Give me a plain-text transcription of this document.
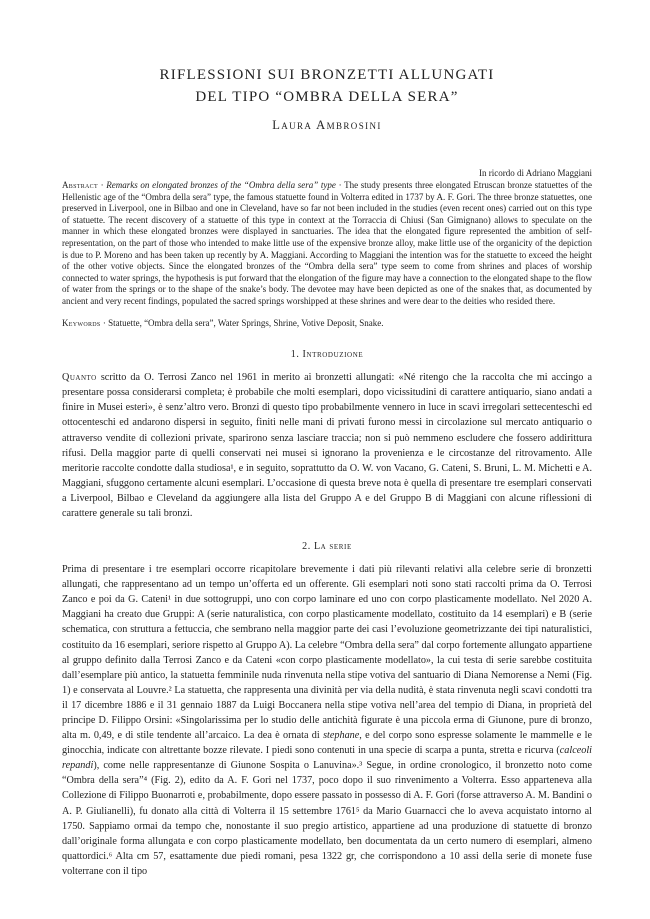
RIFLESSIONI SUI BRONZETTI ALLUNGATI
DEL TIPO “OMBRA DELLA SERA”
Laura Ambrosini
In ricordo di Adriano Maggiani
Abstract · Remarks on elongated bronzes of the “Ombra della sera” type · The study presents three elongated Etruscan bronze statuettes of the Hellenistic age of the “Ombra della sera” type, the famous statuette found in Volterra edited in 1737 by A. F. Gori. The three bronze statuettes, one preserved in Liverpool, one in Bilbao and one in Cleveland, have so far not been included in the studies (even recent ones) carried out on this type of statuette. The recent discovery of a statuette of this type in context at the Torraccia di Chiusi (San Gimignano) allows to speculate on the manner in which these elongated bronzes were displayed in sanctuaries. The idea that the elongated figure represented the ambition of self-representation, on the part of those who intended to make little use of the expensive bronze alloy, make little use of the organicity of the depiction is due to P. Moreno and has been taken up recently by A. Maggiani. According to Maggiani the intention was for the statuette to exceed the height of the other votive objects. Since the elongated bronzes of the “Ombra della sera” type seem to come from shrines and places of worship connected to water springs, the hypothesis is put forward that the elongation of the figure may have a connection to the elongated shape to the flow of water from the springs or to the shape of the snake’s body. The devotee may have been depicted as one of the snakes that, as documented by ancient and very recent findings, populated the sacred springs worshipped at these shrines and were dear to the deities who resided there.
Keywords · Statuette, “Ombra della sera”, Water Springs, Shrine, Votive Deposit, Snake.
1. Introduzione
Quanto scritto da O. Terrosi Zanco nel 1961 in merito ai bronzetti allungati: «Né ritengo che la raccolta che mi accingo a presentare possa considerarsi completa; è probabile che molti esemplari, dopo vicissitudini di carattere antiquario, siano andati a finire in Musei esteri», è senz’altro vero. Bronzi di questo tipo probabilmente vennero in luce in scavi irregolari settecenteschi ed ottocenteschi ed andarono dispersi in seguito, finiti nelle mani di privati furono messi in circolazione sul mercato antiquario o attraverso vendite di collezioni private, sparirono senza lasciare traccia; non si può nemmeno escludere che fossero addirittura rifusi. Della maggior parte di quelli conservati nei musei si ignorano la provenienza e le circostanze del ritrovamento. Alle meritorie raccolte condotte dalla studiosa¹, e in seguito, soprattutto da O. W. von Vacano, G. Cateni, S. Bruni, L. M. Michetti e A. Maggiani, sfuggono certamente alcuni esemplari. L’occasione di questa breve nota è quella di presentare tre esemplari conservati a Liverpool, Bilbao e Cleveland da aggiungere alla lista del Gruppo A e del Gruppo B di Maggiani con alcune riflessioni di carattere generale su tali bronzi.
2. La serie
Prima di presentare i tre esemplari occorre ricapitolare brevemente i dati più rilevanti relativi alla celebre serie di bronzetti allungati, che rappresentano ad un tempo un’offerta ed un offerente. Gli esemplari noti sono stati raccolti prima da O. Terrosi Zanco e poi da G. Cateni¹ in due sottogruppi, uno con corpo laminare ed uno con corpo plasticamente modellato. Nel 2020 A. Maggiani ha creato due Gruppi: A (serie naturalistica, con corpo plasticamente modellato, costituito da 14 esemplari) e B (serie schematica, con struttura a fettuccia, che sembrano nella maggior parte dei casi l’evoluzione geometrizzante dei tipi naturalistici, costituito da 16 esemplari, seriore rispetto al Gruppo A). La celebre “Ombra della sera” dal corpo fortemente allungato appartiene al gruppo definito dalla Terrosi Zanco e da Cateni «con corpo plasticamente modellato», la cui testa di serie sarebbe costituita dall’esemplare più antico, la statuetta femminile nuda rinvenuta nella stipe votiva del santuario di Diana Nemorense a Nemi (Fig. 1) e conservata al Louvre.² La statuetta, che rappresenta una divinità per via della nudità, è stata rinvenuta negli scavi condotti tra il 17 dicembre 1886 e il 31 gennaio 1887 da Luigi Boccanera nella stipe votiva nell’area del tempio di Diana, in proprietà del principe D. Filippo Orsini: «Singolarissima per lo studio delle antichità figurate è una piccola erma di Giunone, pure di bronzo, alta m. 0,49, e di stile tendente all’arcaico. La dea è ornata di stephane, e del corpo sono espresse solamente le mammelle e le ginocchia, indicate con altrettante bozze rilevate. I piedi sono contenuti in una specie di scarpa a punta, stretta e ricurva (calceoli repandi), come nelle rappresentanze di Giunone Sospita o Lanuvina».³ Segue, in ordine cronologico, il bronzetto noto come “Ombra della sera”⁴ (Fig. 2), edito da A. F. Gori nel 1737, poco dopo il suo rinvenimento a Volterra. Esso apparteneva alla Collezione di Filippo Buonarroti e, probabilmente, dopo essere passato in possesso di A. F. Gori (forse attraverso A. M. Bandini o A. P. Giulianelli), fu donato alla città di Volterra il 15 settembre 1761⁵ da Mario Guarnacci che lo aveva acquistato intorno al 1750. Sappiamo ormai da tempo che, nonostante il suo pregio artistico, appartiene ad una produzione di statuette di bronzo dall’originale forma allungata e con corpo plasticamente modellato, ben documentata da un certo numero di esemplari, almeno quattordici.⁶ Alta cm 57, esattamente due piedi romani, pesa 1322 gr, che corrispondono a 10 assi della serie di monete fuse volterrane con il tipo
